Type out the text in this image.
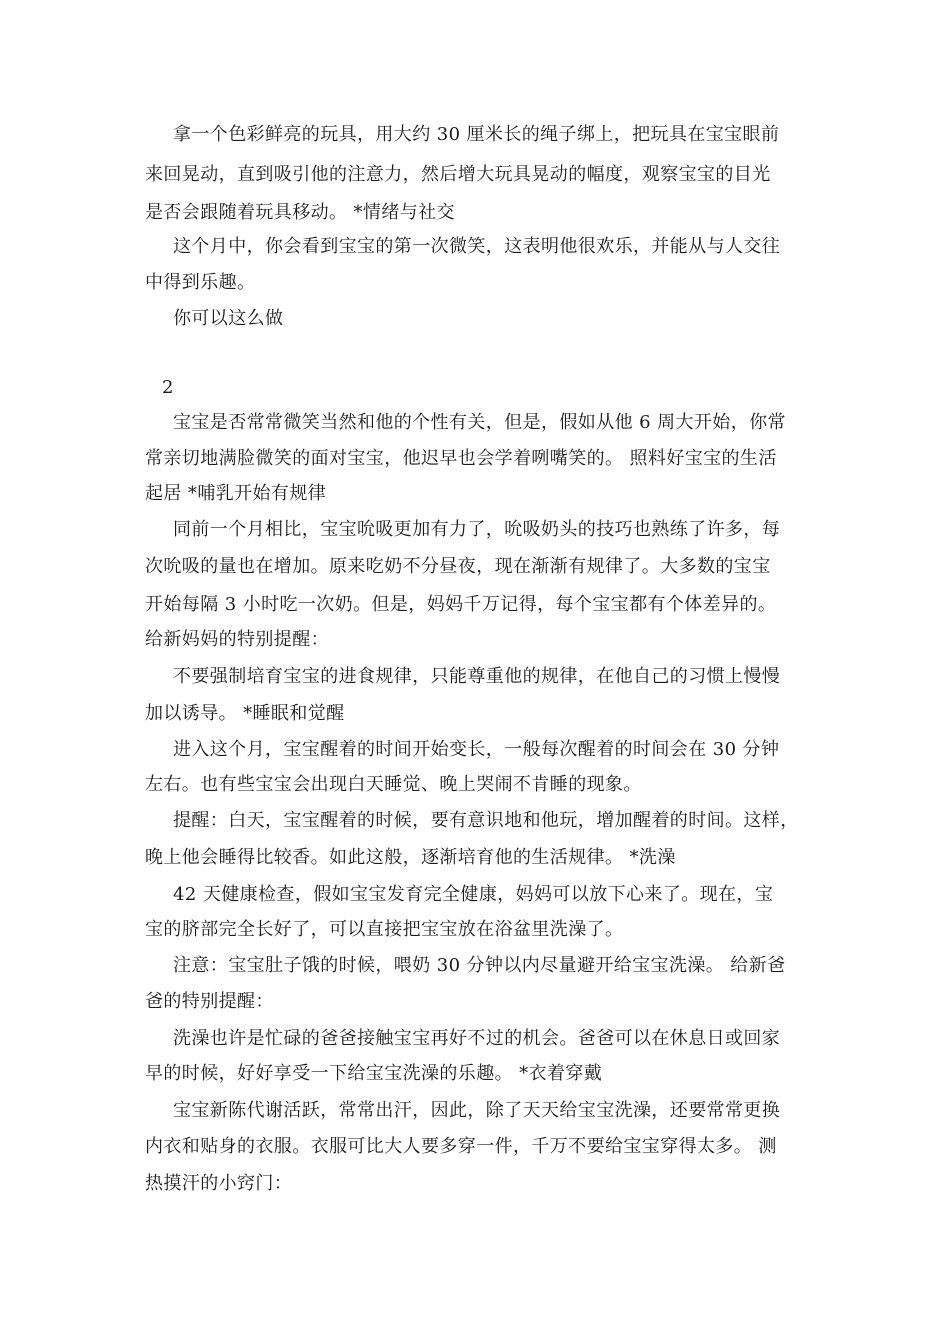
拿一个色彩鲜亮的玩具，用大约 30 厘米长的绳子绑上，把玩具在宝宝眼前
来回晃动，直到吸引他的注意力，然后增大玩具晃动的幅度，观察宝宝的目光
是否会跟随着玩具移动。 *情绪与社交
这个月中，你会看到宝宝的第一次微笑，这表明他很欢乐，并能从与人交往
中得到乐趣。
你可以这么做
2
宝宝是否常常微笑当然和他的个性有关，但是，假如从他 6 周大开始，你常
常亲切地满脸微笑的面对宝宝，他迟早也会学着咧嘴笑的。 照料好宝宝的生活
起居 *哺乳开始有规律
同前一个月相比，宝宝吮吸更加有力了，吮吸奶头的技巧也熟练了许多，每
次吮吸的量也在增加。原来吃奶不分昼夜，现在渐渐有规律了。大多数的宝宝
开始每隔 3 小时吃一次奶。但是，妈妈千万记得，每个宝宝都有个体差异的。
给新妈妈的特别提醒：
不要强制培育宝宝的进食规律，只能尊重他的规律，在他自己的习惯上慢慢
加以诱导。 *睡眠和觉醒
进入这个月，宝宝醒着的时间开始变长，一般每次醒着的时间会在 30 分钟
左右。也有些宝宝会出现白天睡觉、晚上哭闹不肯睡的现象。
提醒：白天，宝宝醒着的时候，要有意识地和他玩，增加醒着的时间。这样，
晚上他会睡得比较香。如此这般，逐渐培育他的生活规律。 *洗澡
42 天健康检查，假如宝宝发育完全健康，妈妈可以放下心来了。现在，宝
宝的脐部完全长好了，可以直接把宝宝放在浴盆里洗澡了。
注意：宝宝肚子饿的时候，喂奶 30 分钟以内尽量避开给宝宝洗澡。 给新爸
爸的特别提醒：
洗澡也许是忙碌的爸爸接触宝宝再好不过的机会。爸爸可以在休息日或回家
早的时候，好好享受一下给宝宝洗澡的乐趣。 *衣着穿戴
宝宝新陈代谢活跃，常常出汗，因此，除了天天给宝宝洗澡，还要常常更换
内衣和贴身的衣服。衣服可比大人要多穿一件，千万不要给宝宝穿得太多。 测
热摸汗的小窍门：
